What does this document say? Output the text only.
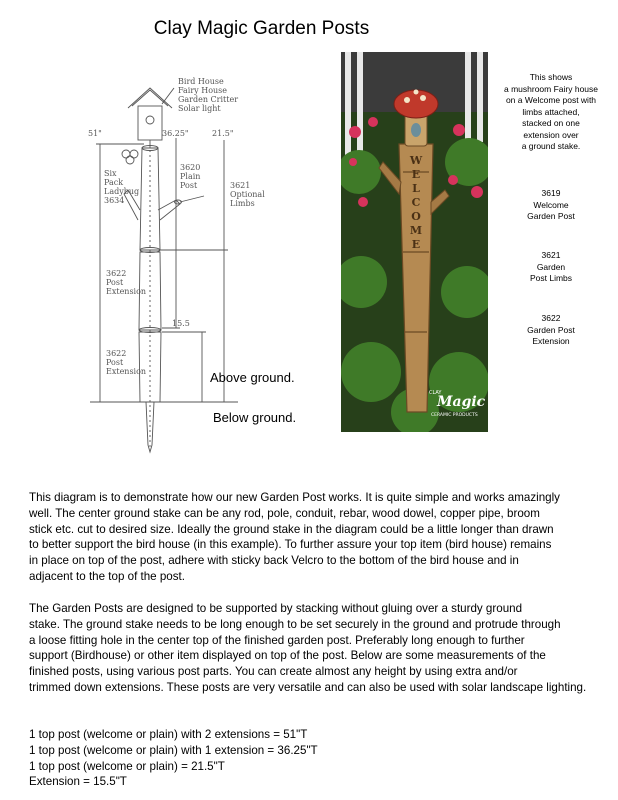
Clay Magic Garden Posts
Bird House
Fairy House
Garden Critter
Solar light
51"	36.25"	21.5"
3620
Plain
Post	3621
Optional
Limbs
Six
Pack
Ladybug
3634
3622
Post
Extension
15.5
3622
Post
Extension	Above ground.
Below ground.
W
E
L
C
O
M
E
CLAY
Magic
CERAMIC PRODUCTS
This shows
a mushroom Fairy house
on a Welcome post with
limbs attached,
stacked on one
extension over
a ground stake.
3619
Welcome
Garden Post
3621
Garden
Post Limbs
3622
Garden Post
Extension

This diagram is to demonstrate how our new Garden Post works. It is quite simple and works amazingly
well. The center ground stake can be any rod, pole, conduit, rebar, wood dowel, copper pipe, broom
stick etc. cut to desired size. Ideally the ground stake in the diagram could be a little longer than drawn
to better support the bird house (in this example). To further assure your top item (bird house) remains
in place on top of the post, adhere with sticky back Velcro to the bottom of the bird house and in
adjacent to the top of the post.

The Garden Posts are designed to be supported by stacking without gluing over a sturdy ground
stake. The ground stake needs to be long enough to be set securely in the ground and protrude through
a loose fitting hole in the center top of the finished garden post. Preferably long enough to further
support (Birdhouse) or other item displayed on top of the post. Below are some measurements of the
finished posts, using various post parts. You can create almost any height by using extra and/or
trimmed down extensions. These posts are very versatile and can also be used with solar landscape lighting.

1 top post (welcome or plain) with 2 extensions = 51"T
1 top post (welcome or plain) with 1 extension = 36.25"T
1 top post (welcome or plain) = 21.5"T
Extension = 15.5"T
